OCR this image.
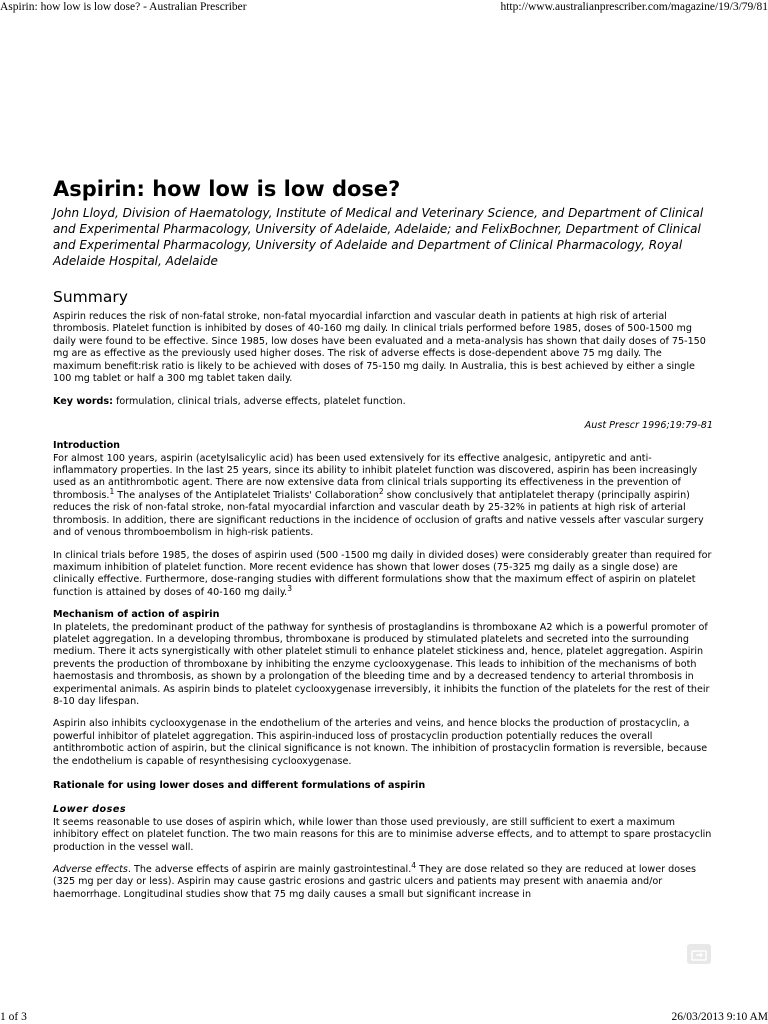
Aspirin: how low is low dose? - Australian Prescriber	http://www.australianprescriber.com/magazine/19/3/79/81
Aspirin: how low is low dose?

John Lloyd, Division of Haematology, Institute of Medical and Veterinary Science, and Department of Clinical and Experimental Pharmacology, University of Adelaide, Adelaide; and FelixBochner, Department of Clinical and Experimental Pharmacology, University of Adelaide and Department of Clinical Pharmacology, Royal Adelaide Hospital, Adelaide

Summary

Aspirin reduces the risk of non-fatal stroke, non-fatal myocardial infarction and vascular death in patients at high risk of arterial thrombosis. Platelet function is inhibited by doses of 40-160 mg daily. In clinical trials performed before 1985, doses of 500-1500 mg daily were found to be effective. Since 1985, low doses have been evaluated and a meta-analysis has shown that daily doses of 75-150 mg are as effective as the previously used higher doses. The risk of adverse effects is dose-dependent above 75 mg daily. The maximum benefit:risk ratio is likely to be achieved with doses of 75-150 mg daily. In Australia, this is best achieved by either a single 100 mg tablet or half a 300 mg tablet taken daily.

Key words: formulation, clinical trials, adverse effects, platelet function.

Aust Prescr 1996;19:79-81
Introduction

For almost 100 years, aspirin (acetylsalicylic acid) has been used extensively for its effective analgesic, antipyretic and anti-inflammatory properties. In the last 25 years, since its ability to inhibit platelet function was discovered, aspirin has been increasingly used as an antithrombotic agent. There are now extensive data from clinical trials supporting its effectiveness in the prevention of thrombosis.$^1$ The analyses of the Antiplatelet Trialists' Collaboration$^2$ show conclusively that antiplatelet therapy (principally aspirin) reduces the risk of non-fatal stroke, non-fatal myocardial infarction and vascular death by 25-32% in patients at high risk of arterial thrombosis. In addition, there are significant reductions in the incidence of occlusion of grafts and native vessels after vascular surgery and of venous thromboembolism in high-risk patients.

In clinical trials before 1985, the doses of aspirin used (500 -1500 mg daily in divided doses) were considerably greater than required for maximum inhibition of platelet function. More recent evidence has shown that lower doses (75-325 mg daily as a single dose) are clinically effective. Furthermore, dose-ranging studies with different formulations show that the maximum effect of aspirin on platelet function is attained by doses of 40-160 mg daily.$^3$

Mechanism of action of aspirin

In platelets, the predominant product of the pathway for synthesis of prostaglandins is thromboxane A2 which is a powerful promoter of platelet aggregation. In a developing thrombus, thromboxane is produced by stimulated platelets and secreted into the surrounding medium. There it acts synergistically with other platelet stimuli to enhance platelet stickiness and, hence, platelet aggregation. Aspirin prevents the production of thromboxane by inhibiting the enzyme cyclooxygenase. This leads to inhibition of the mechanisms of both haemostasis and thrombosis, as shown by a prolongation of the bleeding time and by a decreased tendency to arterial thrombosis in experimental animals. As aspirin binds to platelet cyclooxygenase irreversibly, it inhibits the function of the platelets for the rest of their 8-10 day lifespan.

Aspirin also inhibits cyclooxygenase in the endothelium of the arteries and veins, and hence blocks the production of prostacyclin, a powerful inhibitor of platelet aggregation. This aspirin-induced loss of prostacyclin production potentially reduces the overall antithrombotic action of aspirin, but the clinical significance is not known. The inhibition of prostacyclin formation is reversible, because the endothelium is capable of resynthesising cyclooxygenase.

Rationale for using lower doses and different formulations of aspirin
Lower doses

It seems reasonable to use doses of aspirin which, while lower than those used previously, are still sufficient to exert a maximum inhibitory effect on platelet function. The two main reasons for this are to minimise adverse effects, and to attempt to spare prostacyclin production in the vessel wall.

Adverse effects. The adverse effects of aspirin are mainly gastrointestinal.$^4$ They are dose related so they are reduced at lower doses (325 mg per day or less). Aspirin may cause gastric erosions and gastric ulcers and patients may present with anaemia and/or haemorrhage. Longitudinal studies show that 75 mg daily causes a small but significant increase in

1 of 3	26/03/2013 9:10 AM
